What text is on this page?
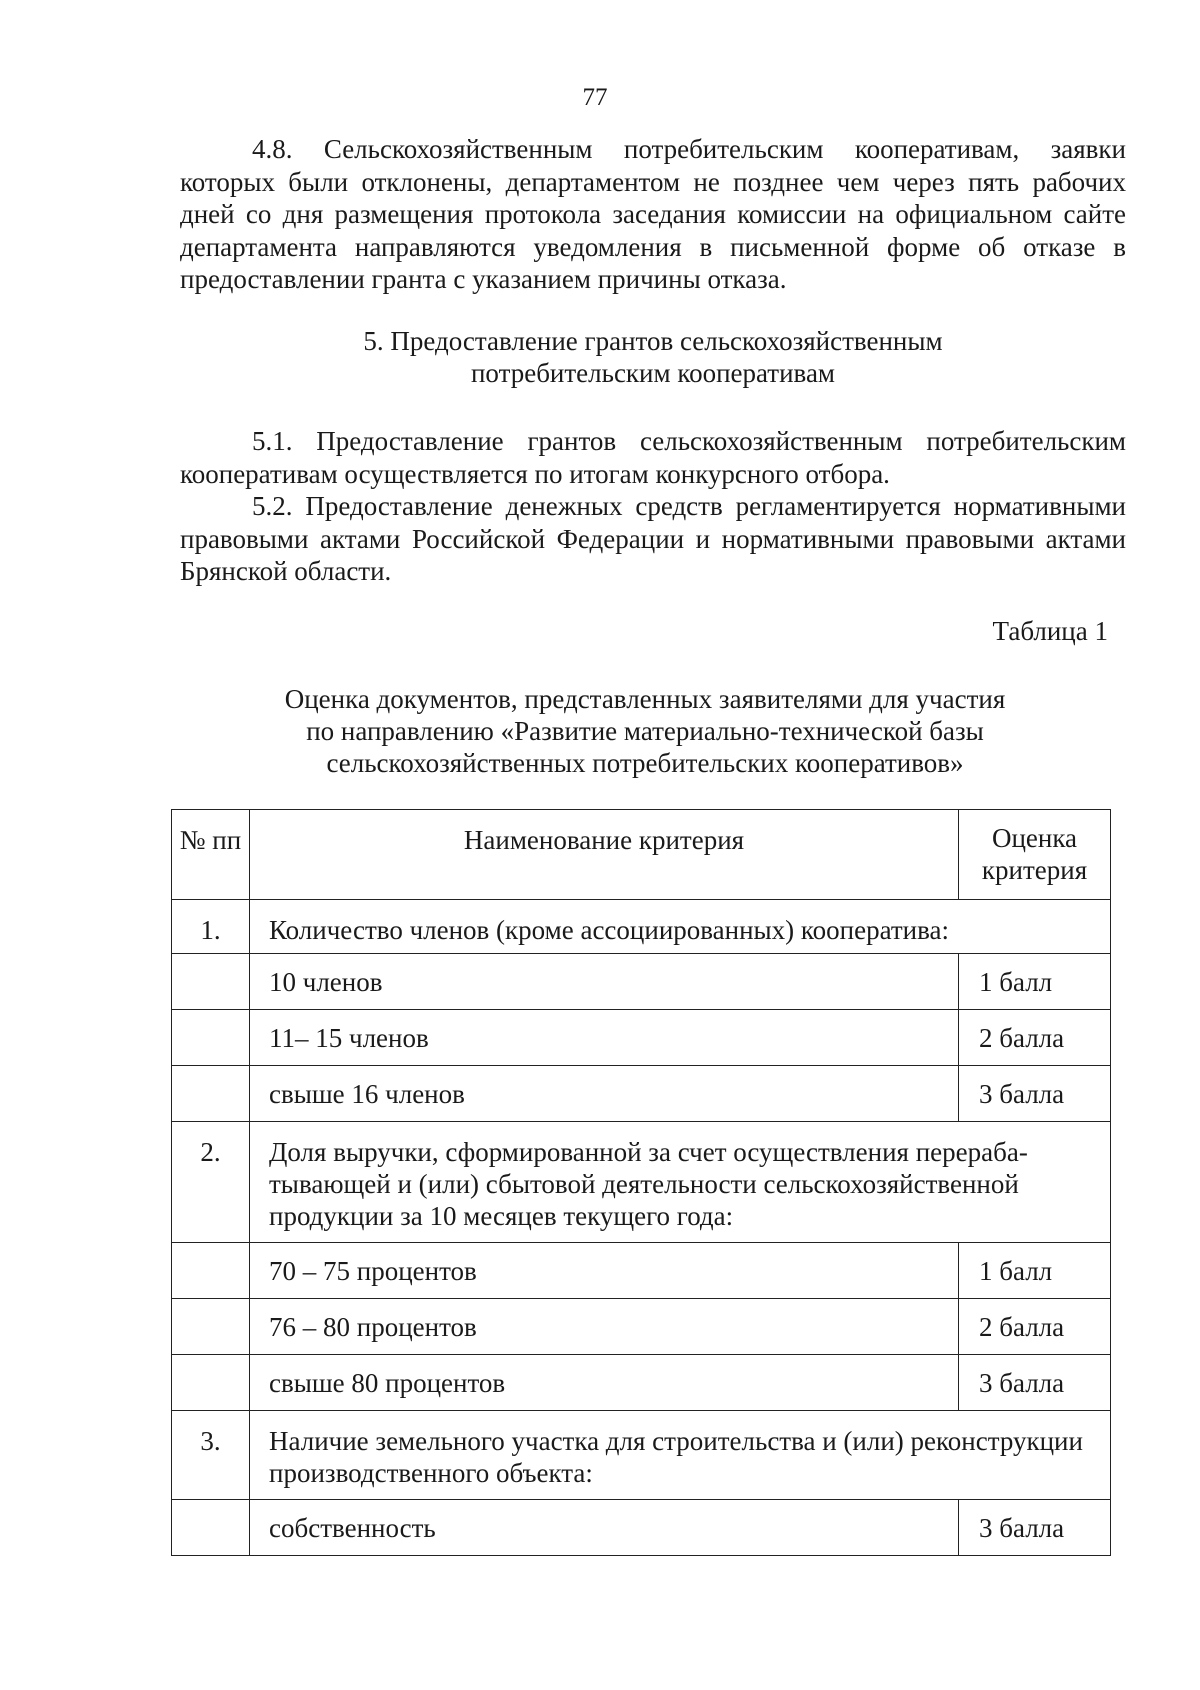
77

4.8. Сельскохозяйственным потребительским кооперативам, заявки которых были отклонены, департаментом не позднее чем через пять рабочих дней со дня размещения протокола заседания комиссии на официальном сайте департамента направляются уведомления в письменной форме об отказе в предоставлении гранта с указанием причины отказа.

5. Предоставление грантов сельскохозяйственным
потребительским кооперативам

5.1. Предоставление грантов сельскохозяйственным потребительским кооперативам осуществляется по итогам конкурсного отбора.

5.2. Предоставление денежных средств регламентируется нормативными правовыми актами Российской Федерации и нормативными правовыми актами Брянской области.

Таблица 1
Оценка документов, представленных заявителями для участия
по направлению «Развитие материально-технической базы
сельскохозяйственных потребительских кооперативов»
№ пп	Наименование критерия	Оценка
критерия

1.	Количество членов (кроме ассоциированных) кооператива:	
	10 членов	1 балл
	11– 15 членов	2 балла
	свыше 16 членов	3 балла
2.	Доля выручки, сформированной за счет осуществления перерабатывающей и (или) сбытовой деятельности сельскохозяйственной продукции за 10 месяцев текущего года:	
	70 – 75 процентов	1 балл
	76 – 80 процентов	2 балла
	свыше 80 процентов	3 балла
3.	Наличие земельного участка для строительства и (или) реконструкции производственного объекта:	
	собственность	3 балла
